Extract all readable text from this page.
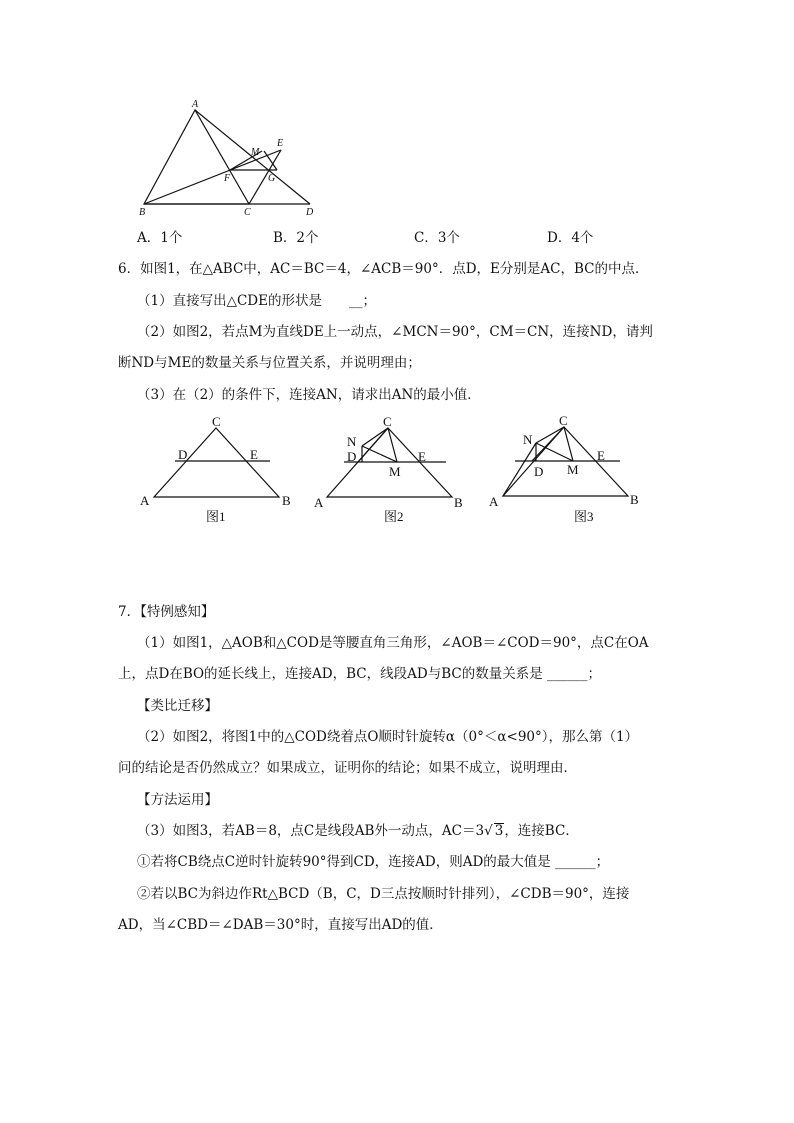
A
M
E
F	G
B	C	D
A．1个	B．2个	C．3个	D．4个
6．如图1，在△ABC中，AC＝BC＝4，∠ACB＝90°．点D，E分别是AC，BC的中点．
（1）直接写出△CDE的形状是　　__；
（2）如图2，若点M为直线DE上一动点，∠MCN＝90°，CM＝CN，连接ND，请判
断ND与ME的数量关系与位置关系，并说明理由；
（3）在（2）的条件下，连接AN，请求出AN的最小值．
C
D	E
A	B
图1
C
N
D
M
E
A	B
图2
C
N
D M
E
A	B
图3
7．【特例感知】
（1）如图1，△AOB和△COD是等腰直角三角形，∠AOB＝∠COD＝90°，点C在OA
上，点D在BO的延长线上，连接AD，BC，线段AD与BC的数量关系是 ______；
【类比迁移】
（2）如图2，将图1中的△COD绕着点O顺时针旋转α（0°＜α<90°），那么第（1）
问的结论是否仍然成立？如果成立，证明你的结论；如果不成立，说明理由．
【方法运用】
（3）如图3，若AB＝8，点C是线段AB外一动点，AC＝3√ 3，连接BC．
①若将CB绕点C逆时针旋转90°得到CD，连接AD，则AD的最大值是 ______；
②若以BC为斜边作Rt△BCD（B，C，D三点按顺时针排列），∠CDB＝90°，连接
AD，当∠CBD＝∠DAB＝30°时，直接写出AD的值．
